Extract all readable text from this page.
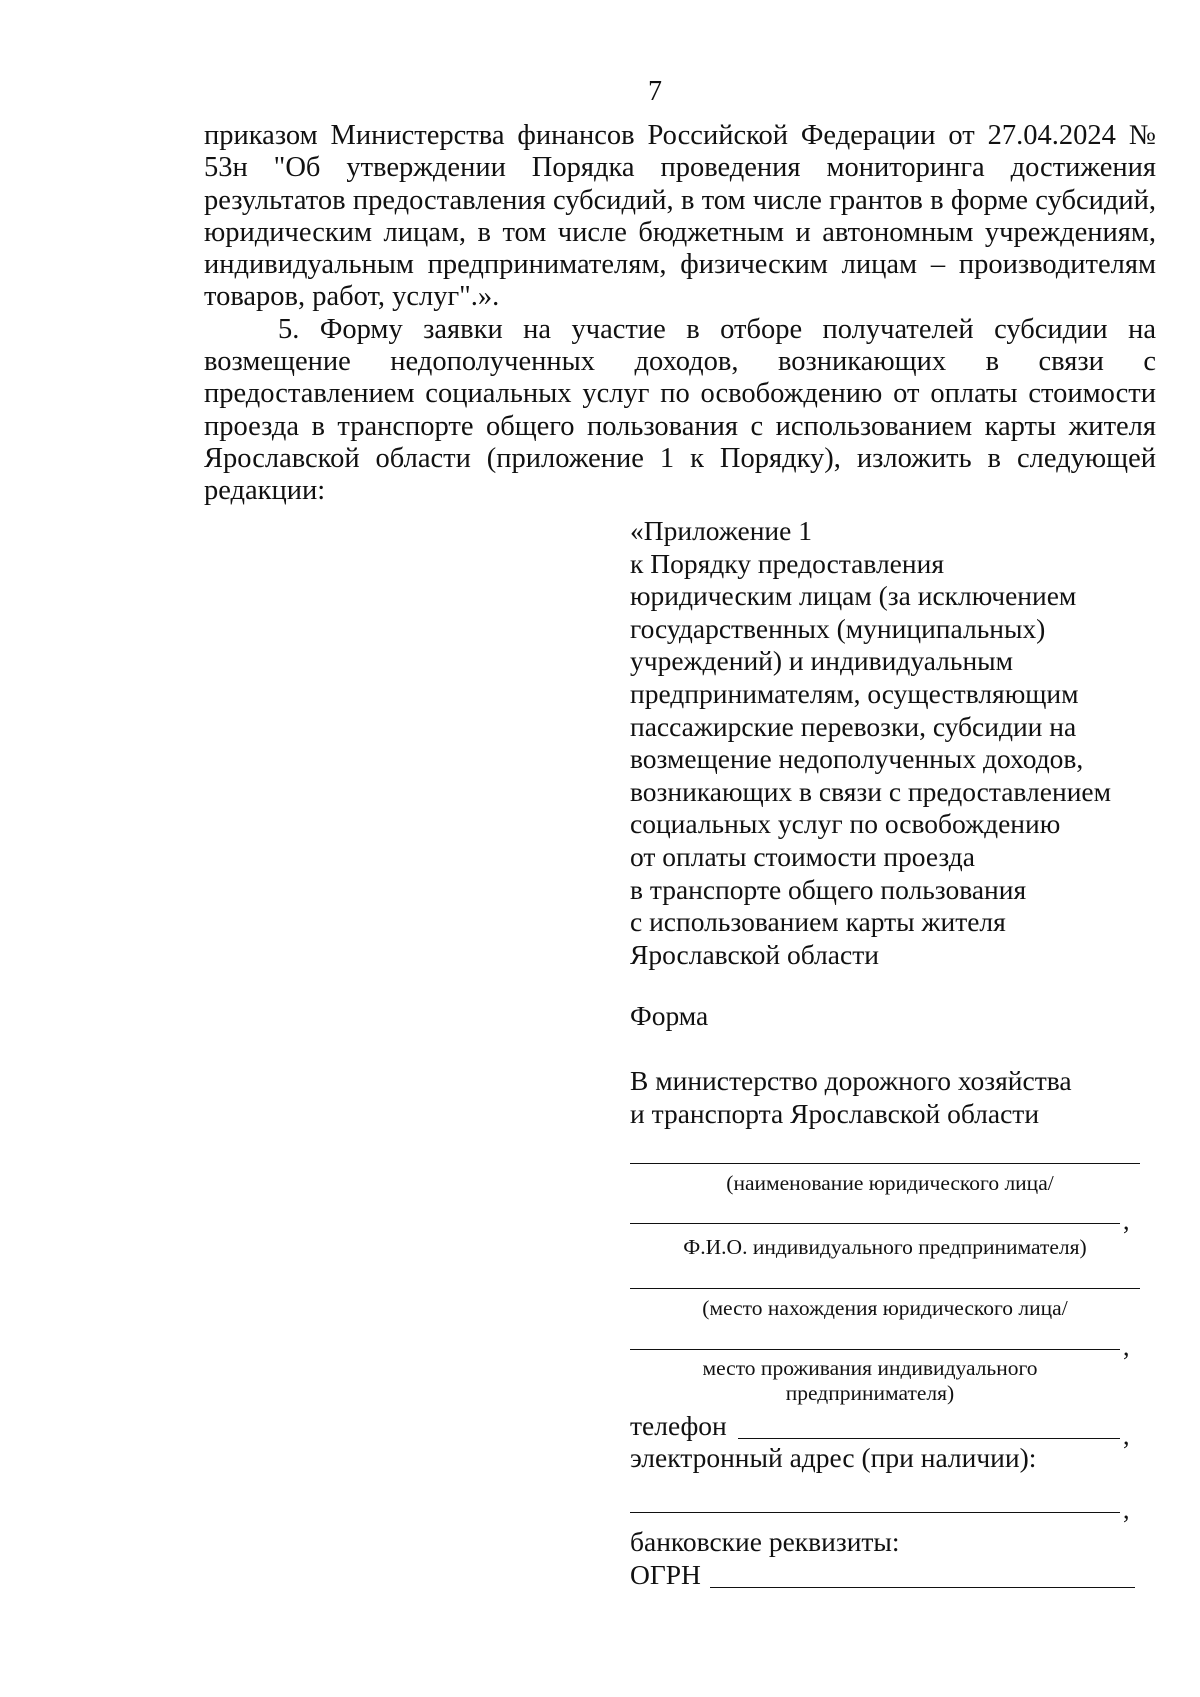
7

приказом Министерства финансов Российской Федерации от 27.04.2024 № 53н "Об утверждении Порядка проведения мониторинга достижения результатов предоставления субсидий, в том числе грантов в форме субсидий, юридическим лицам, в том числе бюджетным и автономным учреждениям, индивидуальным предпринимателям, физическим лицам – производителям товаров, работ, услуг".».

5. Форму заявки на участие в отборе получателей субсидии на возмещение недополученных доходов, возникающих в связи с предоставлением социальных услуг по освобождению от оплаты стоимости проезда в транспорте общего пользования с использованием карты жителя Ярославской области (приложение 1 к Порядку), изложить в следующей редакции:

«Приложение 1
к Порядку предоставления
юридическим лицам (за исключением
государственных (муниципальных)
учреждений) и индивидуальным
предпринимателям, осуществляющим
пассажирские перевозки, субсидии на
возмещение недополученных доходов,
возникающих в связи с предоставлением
социальных услуг по освобождению
от оплаты стоимости проезда
в транспорте общего пользования
с использованием карты жителя
Ярославской области
Форма
В министерство дорожного хозяйства
и транспорта Ярославской области
(наименование юридического лица/
,
Ф.И.О. индивидуального предпринимателя)
(место нахождения юридического лица/
,
место проживания индивидуального
предпринимателя)
телефон	,
электронный адрес (при наличии):
,
банковские реквизиты:
ОГРН
